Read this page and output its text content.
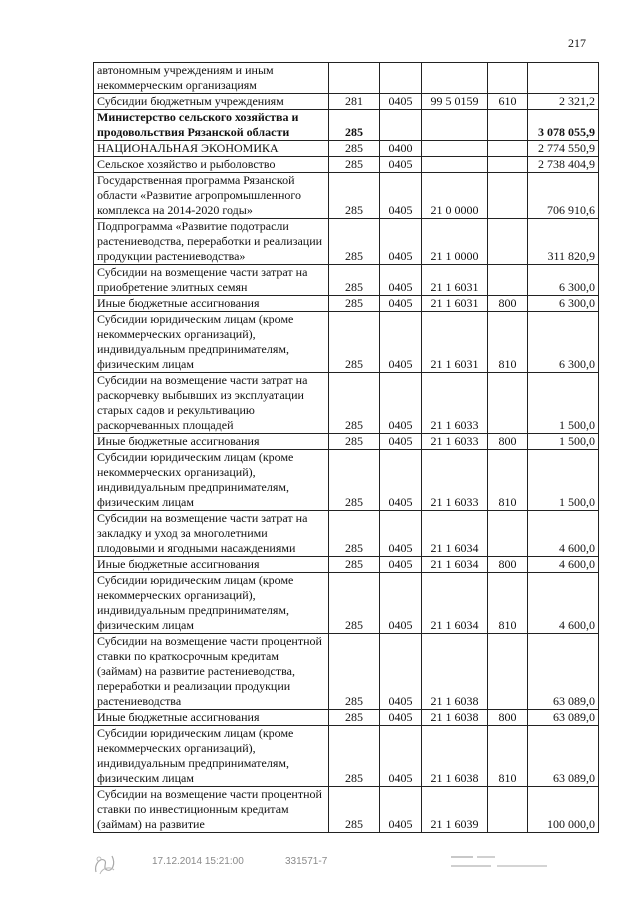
217
автономным учреждениям и иным некоммерческим организациям					
Субсидии бюджетным учреждениям	281	0405	99 5 0159	610	2 321,2
Министерство сельского хозяйства и продовольствия Рязанской области	285				3 078 055,9
НАЦИОНАЛЬНАЯ ЭКОНОМИКА	285	0400			2 774 550,9
Сельское хозяйство и рыболовство	285	0405			2 738 404,9
Государственная программа Рязанской области «Развитие агропромышленного комплекса на 2014-2020 годы»	285	0405	21 0 0000		706 910,6
Подпрограмма «Развитие подотрасли растениеводства, переработки и реализации продукции растениеводства»	285	0405	21 1 0000		311 820,9
Субсидии на возмещение части затрат на приобретение элитных семян	285	0405	21 1 6031		6 300,0
Иные бюджетные ассигнования	285	0405	21 1 6031	800	6 300,0
Субсидии юридическим лицам (кроме некоммерческих организаций), индивидуальным предпринимателям, физическим лицам	285	0405	21 1 6031	810	6 300,0
Субсидии на возмещение части затрат на раскорчевку выбывших из эксплуатации старых садов и рекультивацию раскорчеванных площадей	285	0405	21 1 6033		1 500,0
Иные бюджетные ассигнования	285	0405	21 1 6033	800	1 500,0
Субсидии юридическим лицам (кроме некоммерческих организаций), индивидуальным предпринимателям, физическим лицам	285	0405	21 1 6033	810	1 500,0
Субсидии на возмещение части затрат на закладку и уход за многолетними плодовыми и ягодными насаждениями	285	0405	21 1 6034		4 600,0
Иные бюджетные ассигнования	285	0405	21 1 6034	800	4 600,0
Субсидии юридическим лицам (кроме некоммерческих организаций), индивидуальным предпринимателям, физическим лицам	285	0405	21 1 6034	810	4 600,0
Субсидии на возмещение части процентной ставки по краткосрочным кредитам (займам) на развитие растениеводства, переработки и реализации продукции растениеводства	285	0405	21 1 6038		63 089,0
Иные бюджетные ассигнования	285	0405	21 1 6038	800	63 089,0
Субсидии юридическим лицам (кроме некоммерческих организаций), индивидуальным предпринимателям, физическим лицам	285	0405	21 1 6038	810	63 089,0
Субсидии на возмещение части процентной ставки по инвестиционным кредитам (займам) на развитие	285	0405	21 1 6039		100 000,0
17.12.2014 15:21:00	331571-7
